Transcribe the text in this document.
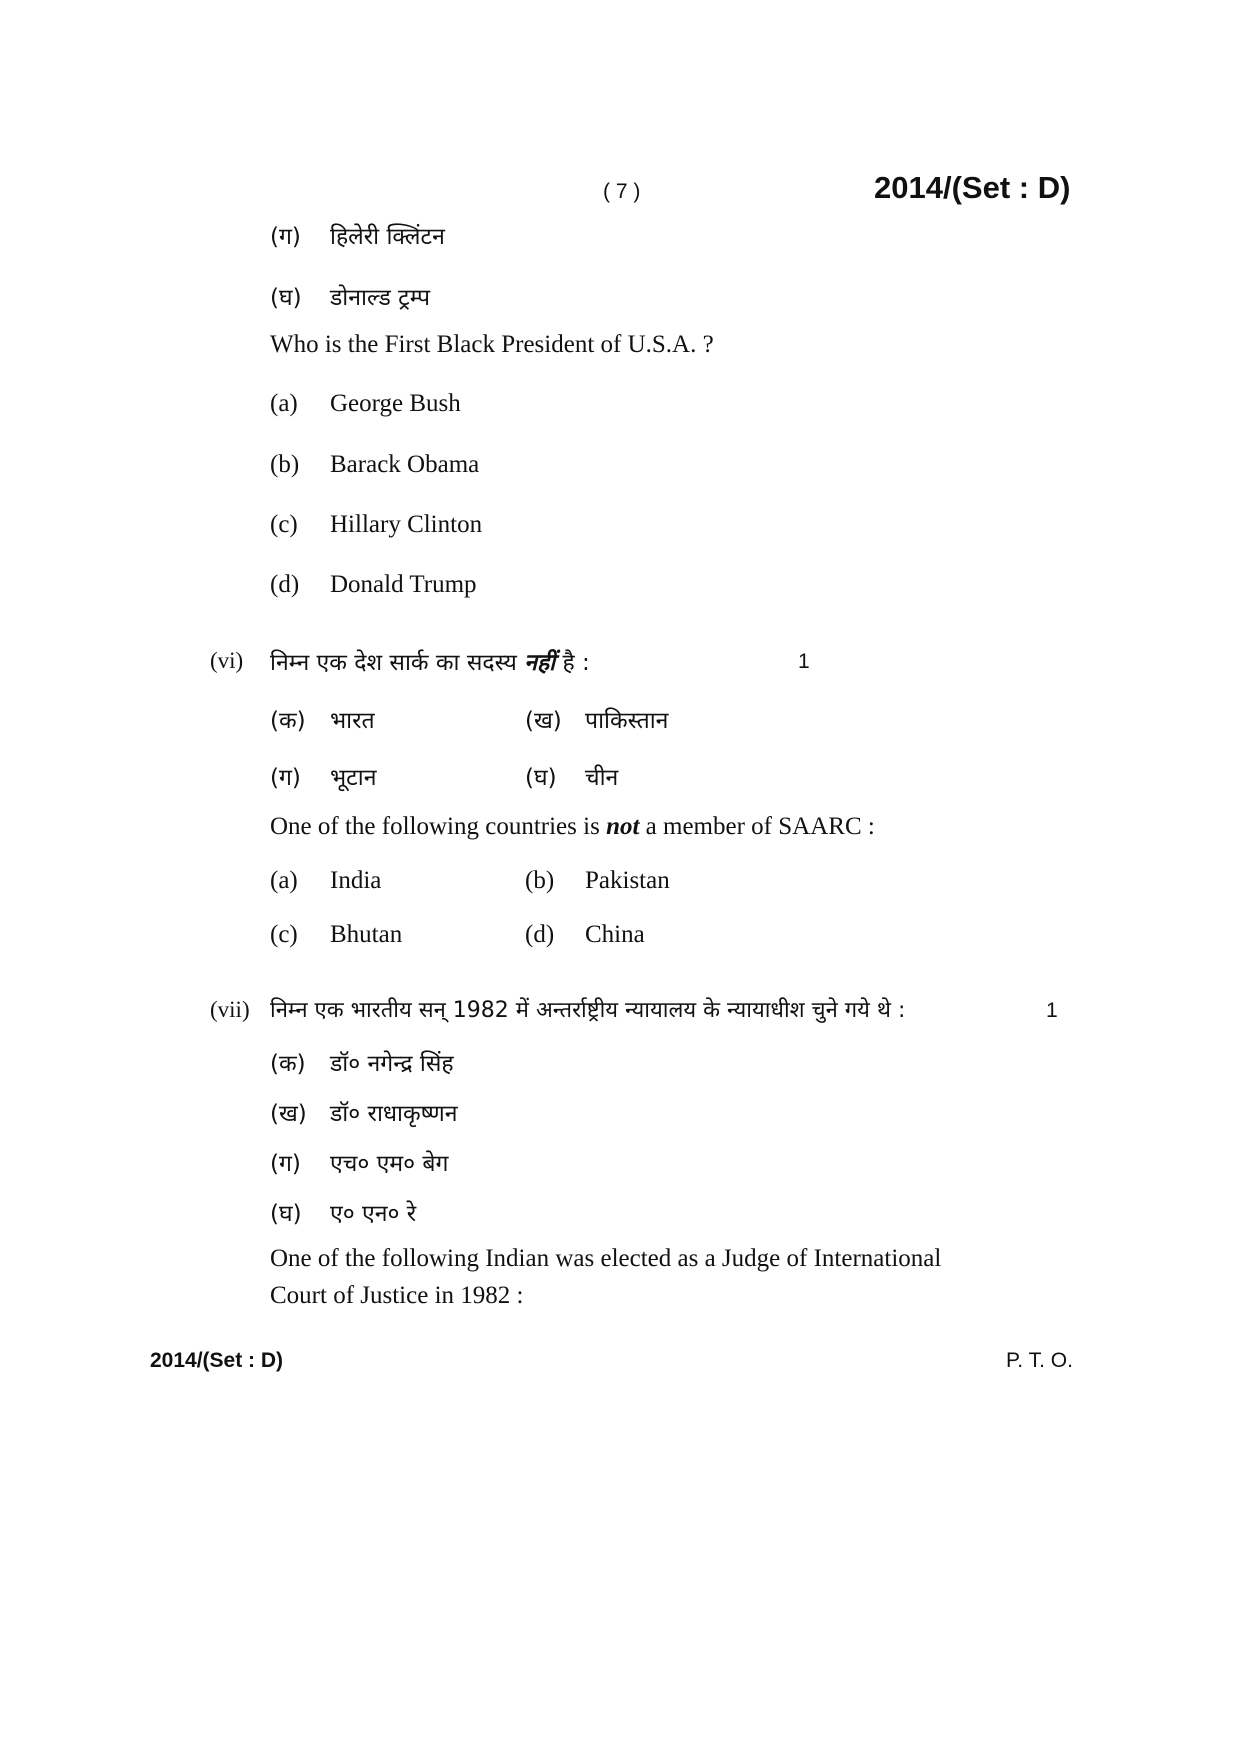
( 7 )	2014/(Set : D)
(ग) हिलेरी क्लिंटन
(घ) डोनाल्ड ट्रम्प
Who is the First Black President of U.S.A. ?
(a) George Bush
(b) Barack Obama
(c) Hillary Clinton
(d) Donald Trump
(vi) निम्न एक देश सार्क का सदस्य नहीं है :	1
(क) भारत	(ख) पाकिस्तान
(ग) भूटान	(घ) चीन
One of the following countries is not a member of SAARC :
(a) India	(b) Pakistan
(c) Bhutan	(d) China
(vii) निम्न एक भारतीय सन् 1982 में अन्तर्राष्ट्रीय न्यायालय के न्यायाधीश चुने गये थे :	1
(क) डॉ० नगेन्द्र सिंह
(ख) डॉ० राधाकृष्णन
(ग) एच० एम० बेग
(घ) ए० एन० रे
One of the following Indian was elected as a Judge of International
Court of Justice in 1982 :
2014/(Set : D)	P. T. O.
